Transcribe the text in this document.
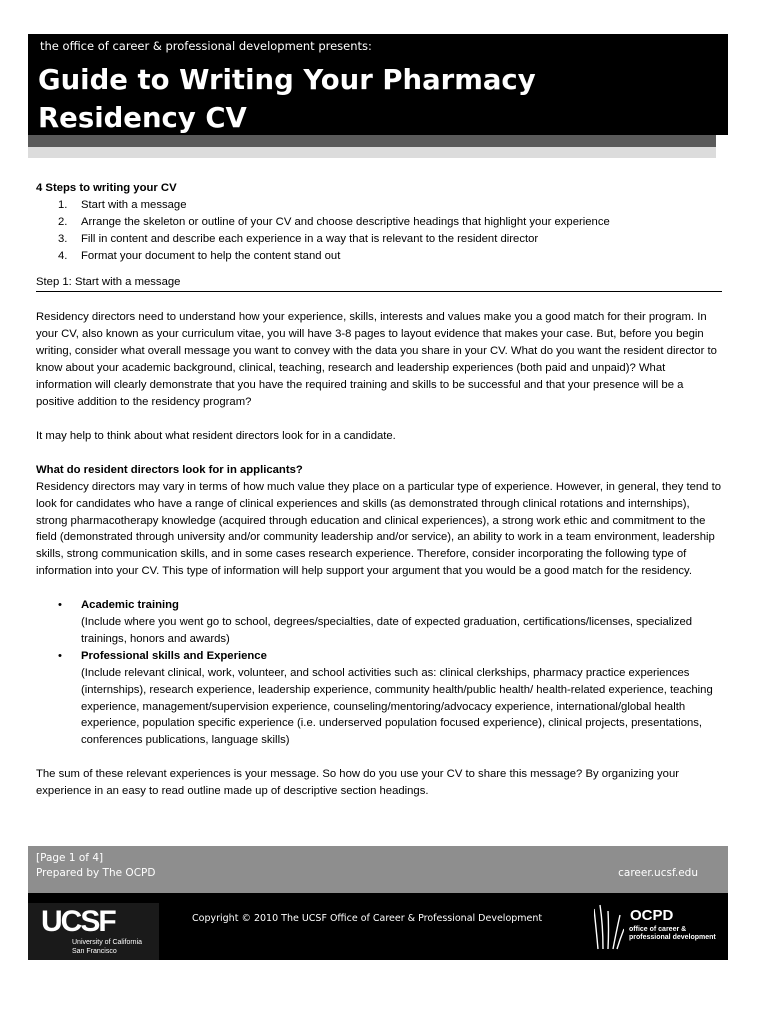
the office of career & professional development presents:
Guide to Writing Your Pharmacy
Residency CV

4 Steps to writing your CV

1. Start with a message
2. Arrange the skeleton or outline of your CV and choose descriptive headings that highlight your experience
3. Fill in content and describe each experience in a way that is relevant to the resident director
4. Format your document to help the content stand out

Step 1: Start with a message

Residency directors need to understand how your experience, skills, interests and values make you a good match for their program. In your CV, also known as your curriculum vitae, you will have 3-8 pages to layout evidence that makes your case. But, before you begin writing, consider what overall message you want to convey with the data you share in your CV. What do you want the resident director to know about your academic background, clinical, teaching, research and leadership experiences (both paid and unpaid)? What information will clearly demonstrate that you have the required training and skills to be successful and that your presence will be a positive addition to the residency program?

It may help to think about what resident directors look for in a candidate.

What do resident directors look for in applicants?

Residency directors may vary in terms of how much value they place on a particular type of experience. However, in general, they tend to look for candidates who have a range of clinical experiences and skills (as demonstrated through clinical rotations and internships), strong pharmacotherapy knowledge (acquired through education and clinical experiences), a strong work ethic and commitment to the field (demonstrated through university and/or community leadership and/or service), an ability to work in a team environment, leadership skills, strong communication skills, and in some cases research experience. Therefore, consider incorporating the following type of information into your CV. This type of information will help support your argument that you would be a good match for the residency.

• Academic training
(Include where you went go to school, degrees/specialties, date of expected graduation, certifications/licenses, specialized trainings, honors and awards)
• Professional skills and Experience
(Include relevant clinical, work, volunteer, and school activities such as: clinical clerkships, pharmacy practice experiences (internships), research experience, leadership experience, community health/public health/ health-related experience, teaching experience, management/supervision experience, counseling/mentoring/advocacy experience, international/global health experience, population specific experience (i.e. underserved population focused experience), clinical projects, presentations, conferences publications, language skills)

The sum of these relevant experiences is your message. So how do you use your CV to share this message? By organizing your experience in an easy to read outline made up of descriptive section headings.

[Page 1 of 4]
Prepared by The OCPD	career.ucsf.edu
UCSF
University of California
San Francisco
Copyright © 2010 The UCSF Office of Career & Professional Development	OCPD
office of career &
professional development
